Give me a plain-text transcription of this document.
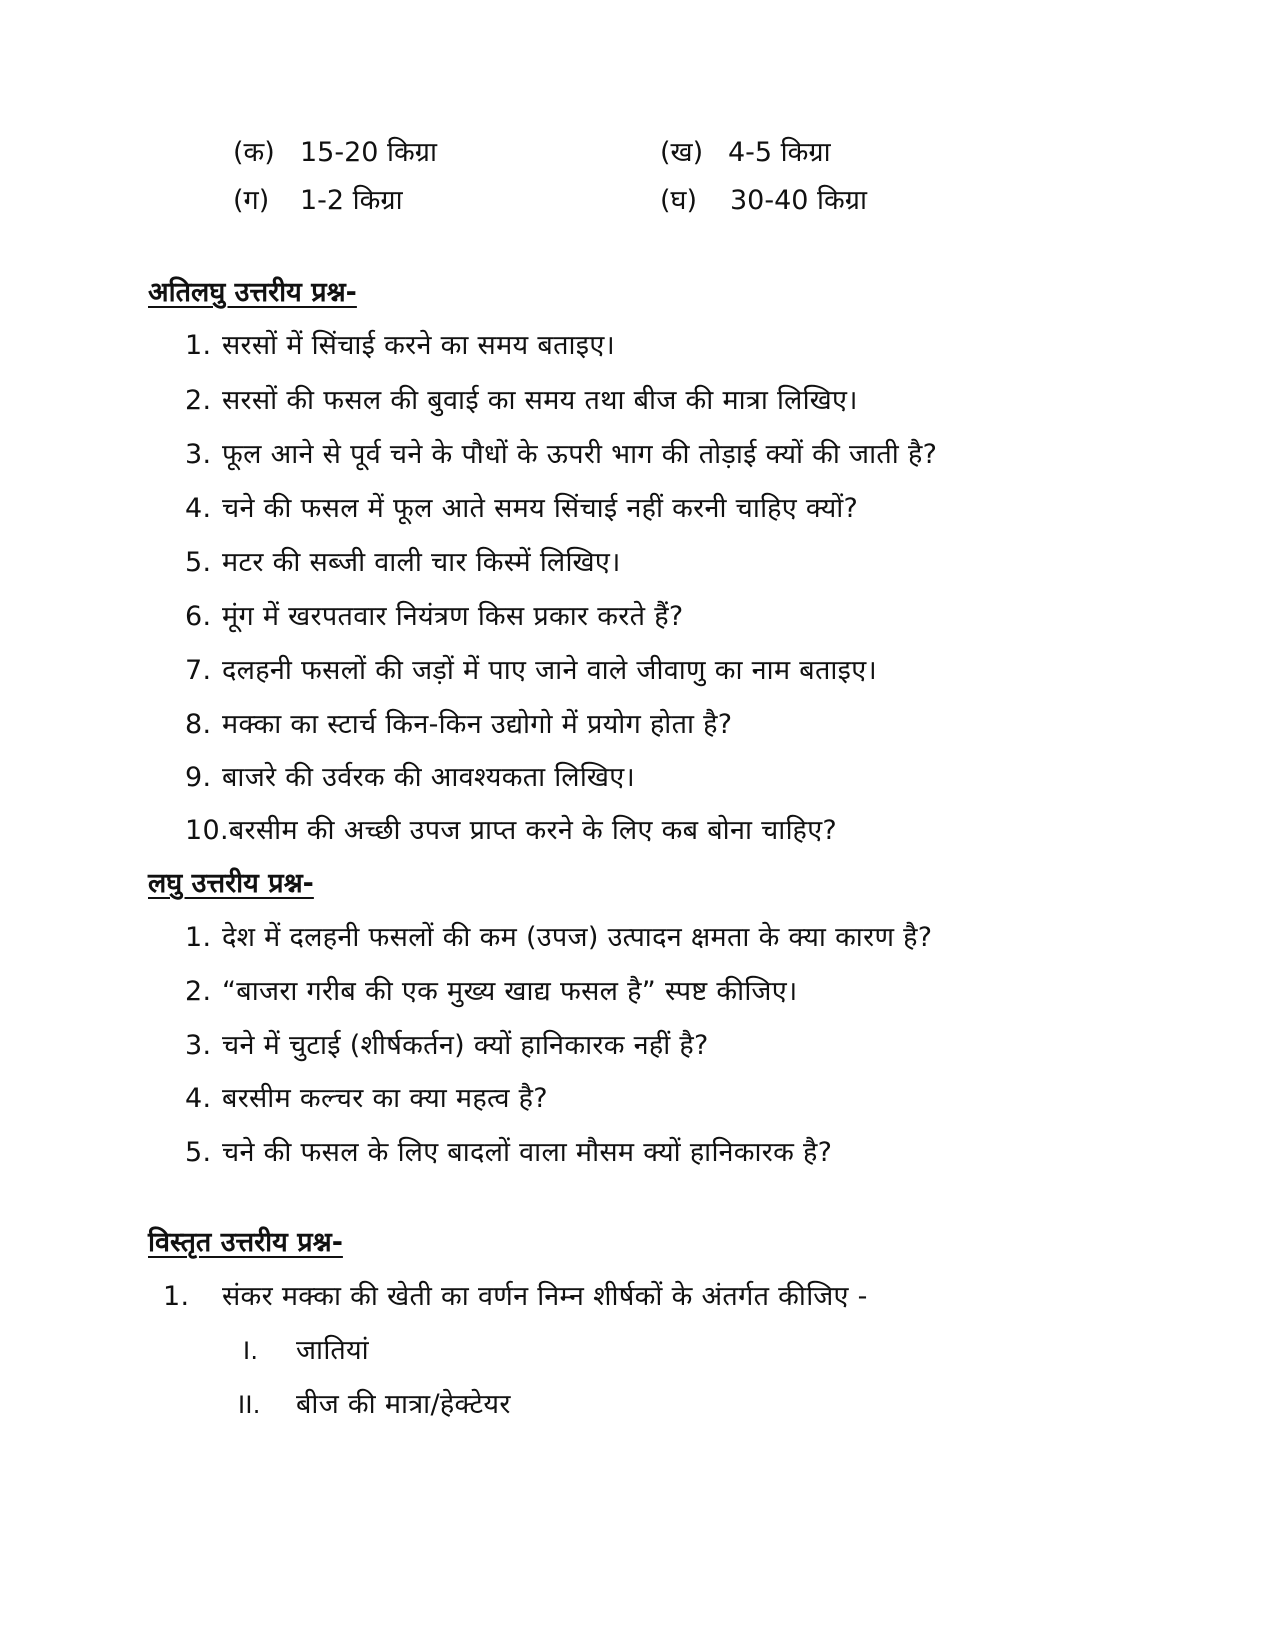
(क) 15-20 किग्रा	(ख) 4-5 किग्रा
(ग) 1-2 किग्रा	(घ) 30-40 किग्रा
अतिलघु उत्तरीय प्रश्न-
1. सरसों में सिंचाई करने का समय बताइए।
2. सरसों की फसल की बुवाई का समय तथा बीज की मात्रा लिखिए।
3. फूल आने से पूर्व चने के पौधों के ऊपरी भाग की तोड़ाई क्यों की जाती है?
4. चने की फसल में फूल आते समय सिंचाई नहीं करनी चाहिए क्यों?
5. मटर की सब्जी वाली चार किस्में लिखिए।
6. मूंग में खरपतवार नियंत्रण किस प्रकार करते हैं?
7. दलहनी फसलों की जड़ों में पाए जाने वाले जीवाणु का नाम बताइए।
8. मक्का का स्टार्च किन-किन उद्योगो में प्रयोग होता है?
9. बाजरे की उर्वरक की आवश्यकता लिखिए।
10.बरसीम की अच्छी उपज प्राप्त करने के लिए कब बोना चाहिए?
लघु उत्तरीय प्रश्न-
1. देश में दलहनी फसलों की कम (उपज) उत्पादन क्षमता के क्या कारण है?
2. “बाजरा गरीब की एक मुख्य खाद्य फसल है” स्पष्ट कीजिए।
3. चने में चुटाई (शीर्षकर्तन) क्यों हानिकारक नहीं है?
4. बरसीम कल्चर का क्या महत्व है?
5. चने की फसल के लिए बादलों वाला मौसम क्यों हानिकारक है?
विस्तृत उत्तरीय प्रश्न-
1. संकर मक्का की खेती का वर्णन निम्न शीर्षकों के अंतर्गत कीजिए -
I. जातियां
II. बीज की मात्रा/हेक्टेयर
